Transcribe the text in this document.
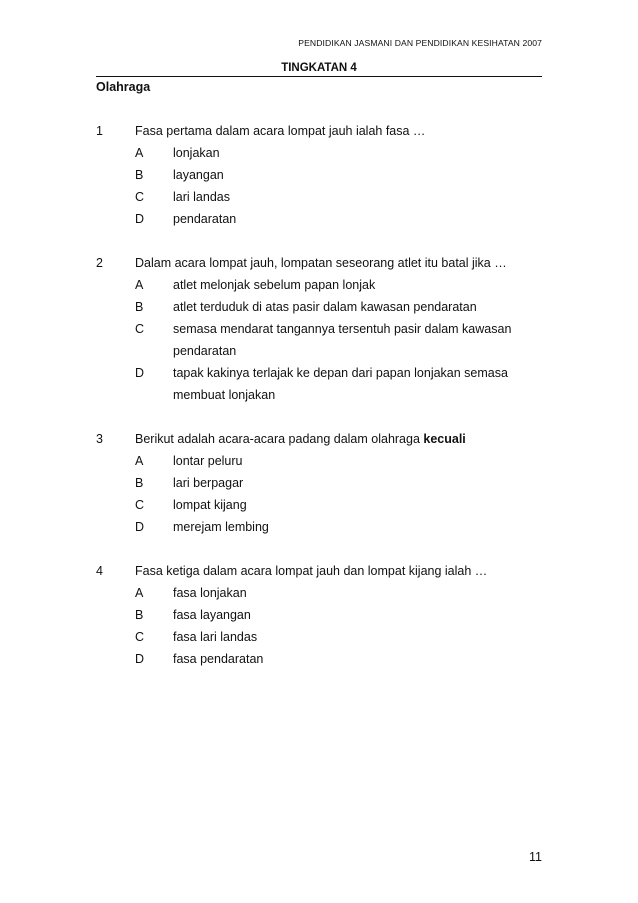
PENDIDIKAN JASMANI DAN PENDIDIKAN KESIHATAN 2007
TINGKATAN 4
Olahraga
1	Fasa pertama dalam acara lompat jauh ialah fasa …
A lonjakan
B layangan
C lari landas
D pendaratan
2	Dalam acara lompat jauh, lompatan seseorang atlet itu batal jika …
A atlet melonjak sebelum papan lonjak
B atlet terduduk di atas pasir dalam kawasan pendaratan
C semasa mendarat tangannya tersentuh pasir dalam kawasan pendaratan
D tapak kakinya terlajak ke depan dari papan lonjakan semasa membuat lonjakan
3	Berikut adalah acara-acara padang dalam olahraga kecuali
A lontar peluru
B lari berpagar
C lompat kijang
D merejam lembing
4	Fasa ketiga dalam acara lompat jauh dan lompat kijang ialah …
A fasa lonjakan
B fasa layangan
C fasa lari landas
D fasa pendaratan
11
